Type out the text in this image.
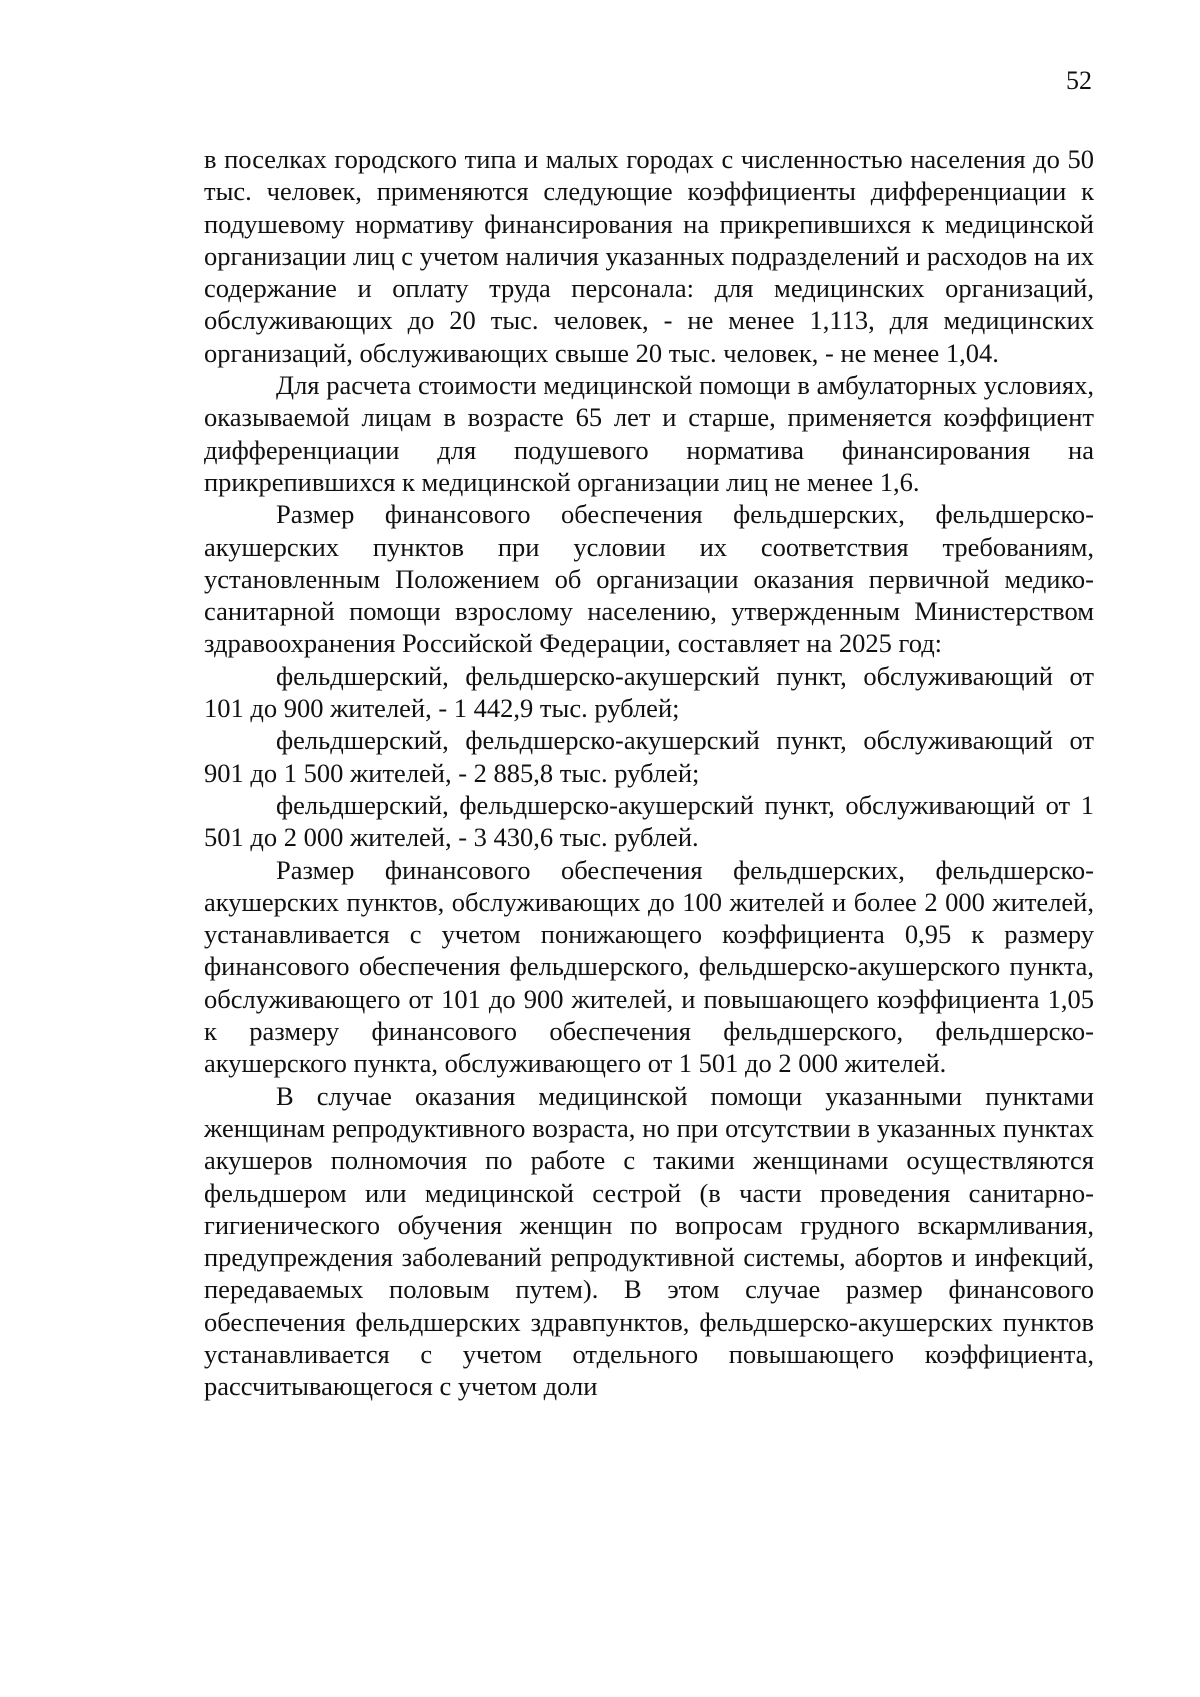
52

в поселках городского типа и малых городах с численностью населения до 50 тыс. человек, применяются следующие коэффициенты дифференциации к подушевому нормативу финансирования на прикрепившихся к медицинской организации лиц с учетом наличия указанных подразделений и расходов на их содержание и оплату труда персонала: для медицинских организаций, обслуживающих до 20 тыс. человек, - не менее 1,113, для медицинских организаций, обслуживающих свыше 20 тыс. человек, - не менее 1,04.

Для расчета стоимости медицинской помощи в амбулаторных условиях, оказываемой лицам в возрасте 65 лет и старше, применяется коэффициент дифференциации для подушевого норматива финансирования на прикрепившихся к медицинской организации лиц не менее 1,6.

Размер финансового обеспечения фельдшерских, фельдшерско-акушерских пунктов при условии их соответствия требованиям, установленным Положением об организации оказания первичной медико-санитарной помощи взрослому населению, утвержденным Министерством здравоохранения Российской Федерации, составляет на 2025 год:

фельдшерский, фельдшерско-акушерский пункт, обслуживающий от 101 до 900 жителей, - 1 442,9 тыс. рублей;

фельдшерский, фельдшерско-акушерский пункт, обслуживающий от 901 до 1 500 жителей, - 2 885,8 тыс. рублей;

фельдшерский, фельдшерско-акушерский пункт, обслуживающий от 1 501 до 2 000 жителей, - 3 430,6 тыс. рублей.

Размер финансового обеспечения фельдшерских, фельдшерско-акушерских пунктов, обслуживающих до 100 жителей и более 2 000 жителей, устанавливается с учетом понижающего коэффициента 0,95 к размеру финансового обеспечения фельдшерского, фельдшерско-акушерского пункта, обслуживающего от 101 до 900 жителей, и повышающего коэффициента 1,05 к размеру финансового обеспечения фельдшерского, фельдшерско-акушерского пункта, обслуживающего от 1 501 до 2 000 жителей.

В случае оказания медицинской помощи указанными пунктами женщинам репродуктивного возраста, но при отсутствии в указанных пунктах акушеров полномочия по работе с такими женщинами осуществляются фельдшером или медицинской сестрой (в части проведения санитарно-гигиенического обучения женщин по вопросам грудного вскармливания, предупреждения заболеваний репродуктивной системы, абортов и инфекций, передаваемых половым путем). В этом случае размер финансового обеспечения фельдшерских здравпунктов, фельдшерско-акушерских пунктов устанавливается с учетом отдельного повышающего коэффициента, рассчитывающегося с учетом доли
